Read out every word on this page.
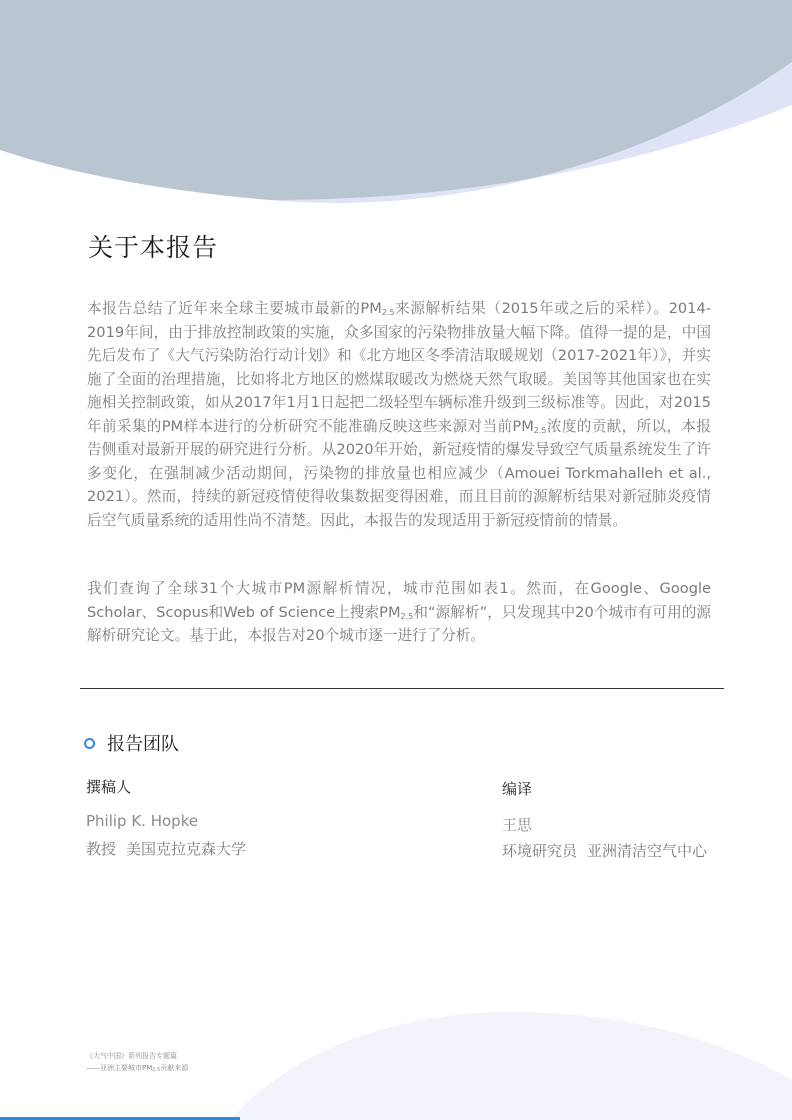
关于本报告

本报告总结了近年来全球主要城市最新的$PM_{2.5}$来源解析结果（2015年或之后的采样）。2014-2019年间，由于排放控制政策的实施，众多国家的污染物排放量大幅下降。值得一提的是，中国先后发布了《大气污染防治行动计划》和《北方地区冬季清洁取暖规划（2017-2021年）》，并实施了全面的治理措施，比如将北方地区的燃煤取暖改为燃烧天然气取暖。美国等其他国家也在实施相关控制政策，如从2017年1月1日起把二级轻型车辆标准升级到三级标准等。因此，对2015年前采集的PM样本进行的分析研究不能准确反映这些来源对当前$PM_{2.5}$浓度的贡献，所以，本报告侧重对最新开展的研究进行分析。从2020年开始，新冠疫情的爆发导致空气质量系统发生了许多变化，在强制减少活动期间，污染物的排放量也相应减少（Amouei Torkmahalleh et al., 2021）。然而，持续的新冠疫情使得收集数据变得困难，而且目前的源解析结果对新冠肺炎疫情后空气质量系统的适用性尚不清楚。因此，本报告的发现适用于新冠疫情前的情景。

我们查询了全球31个大城市PM源解析情况，城市范围如表1。然而，在Google、Google Scholar、Scopus和Web of Science上搜索$PM_{2.5}$和“源解析”，只发现其中20个城市有可用的源解析研究论文。基于此，本报告对20个城市逐一进行了分析。

报告团队
撰稿人
Philip K. Hopke
教授 美国克拉克森大学
编译
王思
环境研究员 亚洲清洁空气中心
《大气中国》系列报告专题篇
——亚洲主要城市$PM_{2.5}$贡献来源
